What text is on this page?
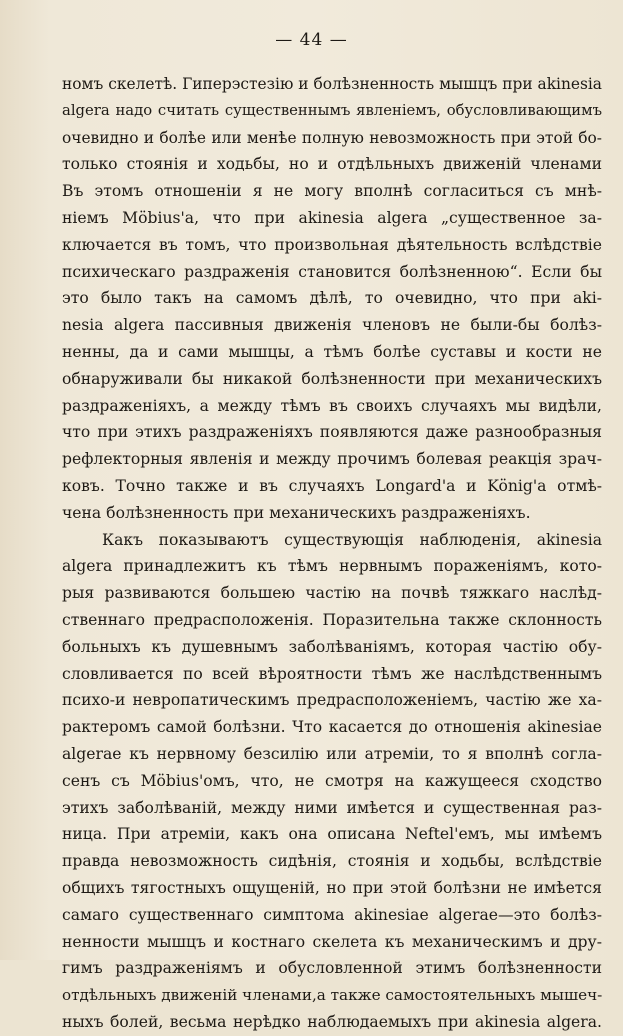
— 44 —
номъ скелетѣ. Гиперэстезію и болѣзненность мышцъ при akinesia
algera надо считать существеннымъ явленіемъ, обусловливающимъ
очевидно и болѣе или менѣе полную невозможность при этой бо-
только стоянія и ходьбы, но и отдѣльныхъ движеній членами
Въ этомъ отношеніи я не могу вполнѣ согласиться съ мнѣ-
ніемъ Möbius'а, что при akinesia algera „существенное за-
ключается въ томъ, что произвольная дѣятельность вслѣдствіе
психическаго раздраженія становится болѣзненною“. Если бы
это было такъ на самомъ дѣлѣ, то очевидно, что при aki-
nesia algera пассивныя движенія членовъ не были-бы болѣз-
ненны, да и сами мышцы, а тѣмъ болѣе суставы и кости не
обнаруживали бы никакой болѣзненности при механическихъ
раздраженіяхъ, а между тѣмъ въ своихъ случаяхъ мы видѣли,
что при этихъ раздраженіяхъ появляются даже разнообразныя
рефлекторныя явленія и между прочимъ болевая реакція зрач-
ковъ. Точно также и въ случаяхъ Longard'а и König'а отмѣ-
чена болѣзненность при механическихъ раздраженіяхъ.
Какъ показываютъ существующія наблюденія, akinesia
algera принадлежитъ къ тѣмъ нервнымъ пораженіямъ, кото-
рыя развиваются большею частію на почвѣ тяжкаго наслѣд-
ственнаго предрасположенія. Поразительна также склонность
больныхъ къ душевнымъ заболѣваніямъ, которая частію обу-
словливается по всей вѣроятности тѣмъ же наслѣдственнымъ
психо-и невропатическимъ предрасположеніемъ, частію же ха-
рактеромъ самой болѣзни. Что касается до отношенія akinesiae
algerae къ нервному безсилію или атреміи, то я вполнѣ согла-
сенъ съ Möbius'омъ, что, не смотря на кажущееся сходство
этихъ заболѣваній, между ними имѣется и существенная раз-
ница. При атреміи, какъ она описана Neftel'емъ, мы имѣемъ
правда невозможность сидѣнія, стоянія и ходьбы, вслѣдствіе
общихъ тягостныхъ ощущеній, но при этой болѣзни не имѣется
самаго существеннаго симптома akinesiae algerae—это болѣз-
ненности мышцъ и костнаго скелета къ механическимъ и дру-
гимъ раздраженіямъ и обусловленной этимъ болѣзненности
отдѣльныхъ движеній членами,а также самостоятельныхъ мышеч-
ныхъ болей, весьма нерѣдко наблюдаемыхъ при akinesia algera.
